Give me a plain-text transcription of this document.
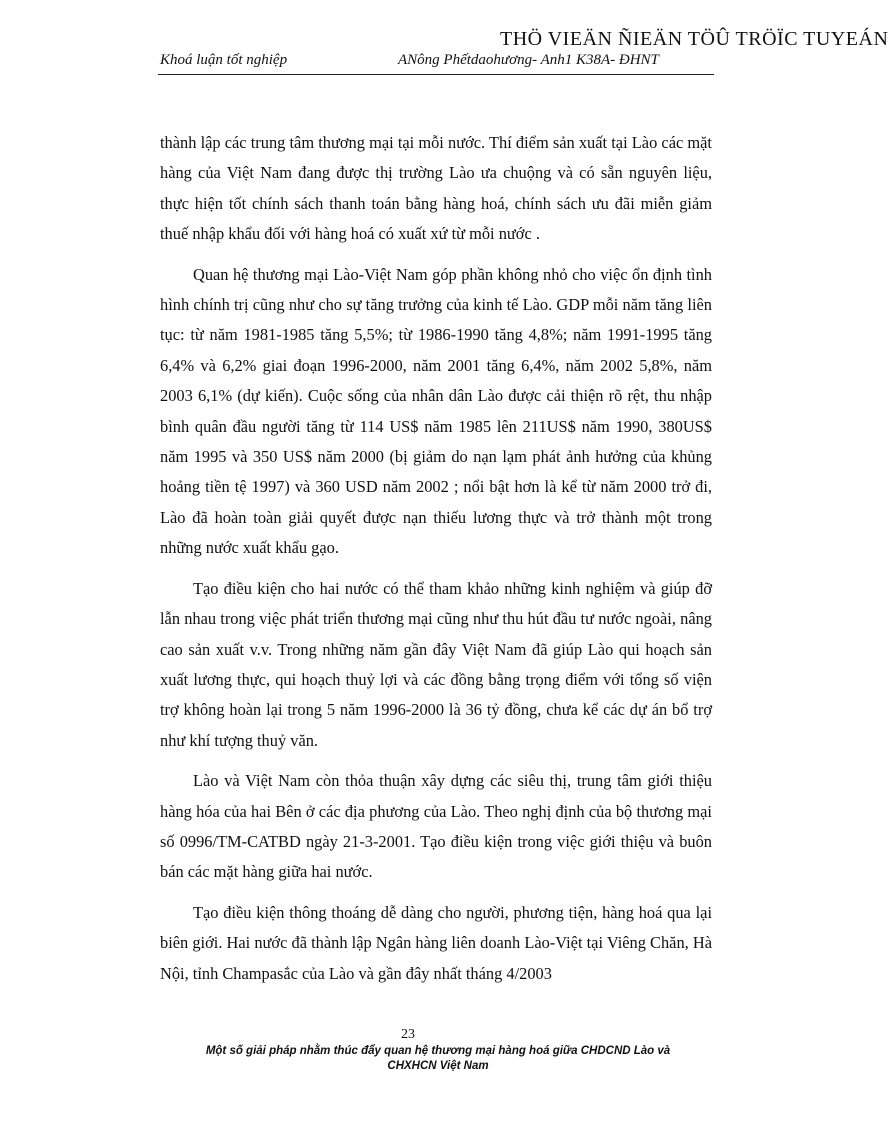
THÖ VIEÄN ÑIEÄN TÖÛ TRÖÏC TUYEÁN
Khoá luận tốt nghiệp	ANông Phếtdaohương- Anh1 K38A- ĐHNT

thành lập các trung tâm thương mại tại mỗi nước. Thí điểm sản xuất tại Lào các mặt hàng của Việt Nam đang được thị trường Lào ưa chuộng và có sẵn nguyên liệu, thực hiện tốt chính sách thanh toán bằng hàng hoá, chính sách ưu đãi miễn giảm thuế nhập khẩu đối với hàng hoá có xuất xứ từ mỗi nước .

Quan hệ thương mại Lào-Việt Nam góp phần không nhỏ cho việc ổn định tình hình chính trị cũng như cho sự tăng trưởng của kinh tế Lào. GDP mỗi năm tăng liên tục: từ năm 1981-1985 tăng 5,5%; từ 1986-1990 tăng 4,8%; năm 1991-1995 tăng 6,4% và 6,2% giai đoạn 1996-2000, năm 2001 tăng 6,4%, năm 2002 5,8%, năm 2003 6,1% (dự kiến). Cuộc sống của nhân dân Lào được cải thiện rõ rệt, thu nhập bình quân đầu người tăng từ 114 US$ năm 1985 lên 211US$ năm 1990, 380US$ năm 1995 và 350 US$ năm 2000 (bị giảm do nạn lạm phát ảnh hưởng của khủng hoảng tiền tệ 1997) và 360 USD năm 2002 ; nổi bật hơn là kể từ năm 2000 trở đi, Lào đã hoàn toàn giải quyết được nạn thiếu lương thực và trở thành một trong những nước xuất khẩu gạo.

Tạo điều kiện cho hai nước có thể tham khảo những kinh nghiệm và giúp đỡ lẫn nhau trong việc phát triển thương mại cũng như thu hút đầu tư nước ngoài, nâng cao sản xuất v.v. Trong những năm gần đây Việt Nam đã giúp Lào qui hoạch sản xuất lương thực, qui hoạch thuỷ lợi và các đồng bằng trọng điểm với tổng số viện trợ không hoàn lại trong 5 năm 1996-2000 là 36 tỷ đồng, chưa kể các dự án bổ trợ như khí tượng thuỷ văn.

Lào và Việt Nam còn thỏa thuận xây dựng các siêu thị, trung tâm giới thiệu hàng hóa của hai Bên ở các địa phương của Lào. Theo nghị định của bộ thương mại số 0996/TM-CATBD ngày 21-3-2001. Tạo điều kiện trong việc giới thiệu và buôn bán các mặt hàng giữa hai nước.

Tạo điều kiện thông thoáng dễ dàng cho người, phương tiện, hàng hoá qua lại biên giới. Hai nước đã thành lập Ngân hàng liên doanh Lào-Việt tại Viêng Chăn, Hà Nội, tỉnh Champasắc của Lào và gần đây nhất tháng 4/2003

23
Một số giải pháp nhằm thúc đẩy quan hệ thương mại hàng hoá giữa CHDCND Lào và
CHXHCN Việt Nam
